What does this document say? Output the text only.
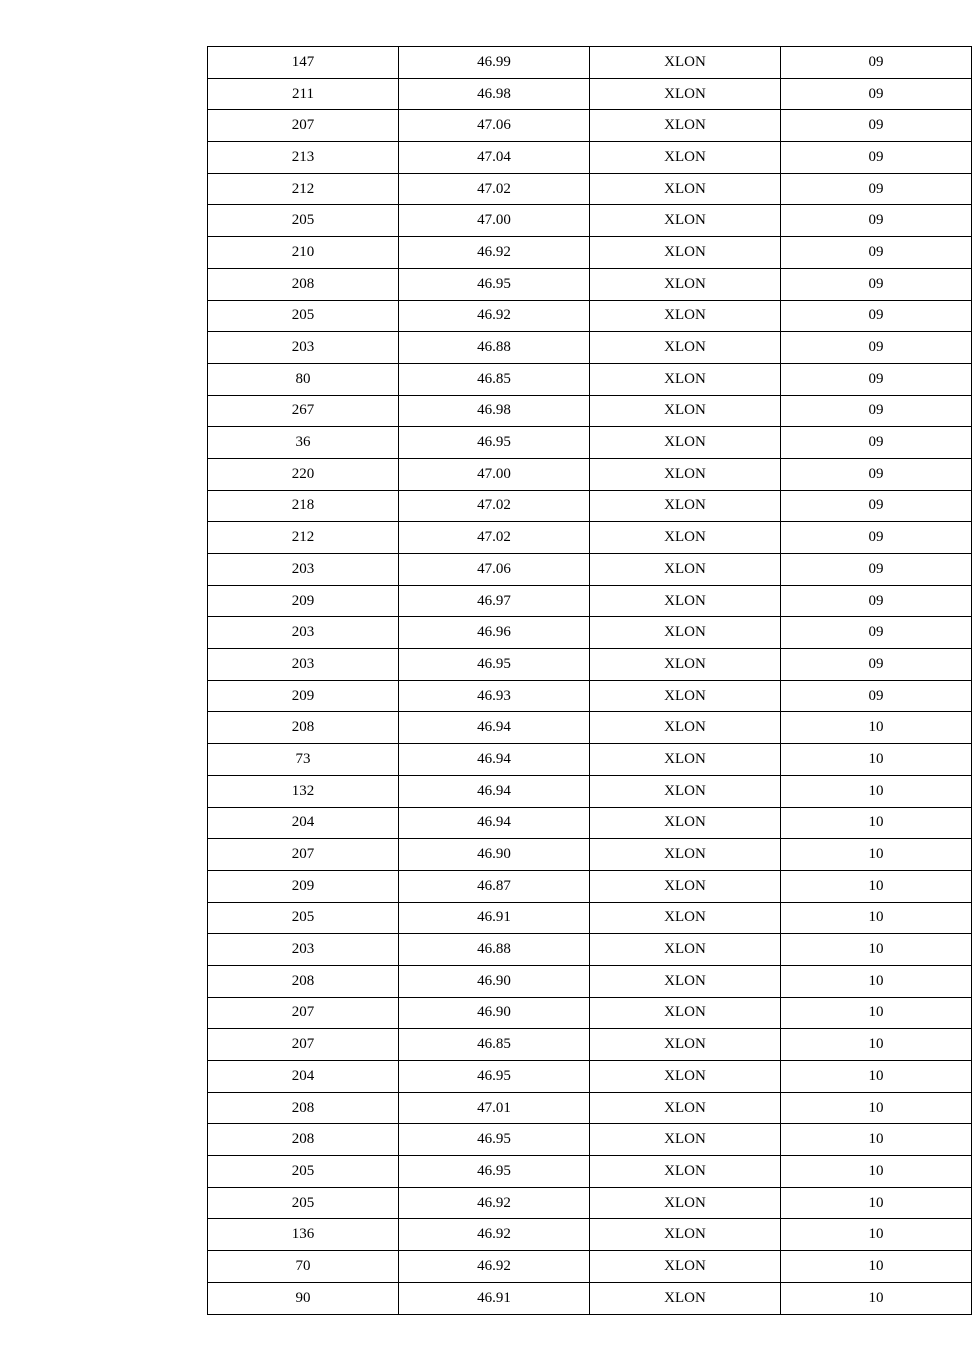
147	46.99	XLON	09
211	46.98	XLON	09
207	47.06	XLON	09
213	47.04	XLON	09
212	47.02	XLON	09
205	47.00	XLON	09
210	46.92	XLON	09
208	46.95	XLON	09
205	46.92	XLON	09
203	46.88	XLON	09
80	46.85	XLON	09
267	46.98	XLON	09
36	46.95	XLON	09
220	47.00	XLON	09
218	47.02	XLON	09
212	47.02	XLON	09
203	47.06	XLON	09
209	46.97	XLON	09
203	46.96	XLON	09
203	46.95	XLON	09
209	46.93	XLON	09
208	46.94	XLON	10
73	46.94	XLON	10
132	46.94	XLON	10
204	46.94	XLON	10
207	46.90	XLON	10
209	46.87	XLON	10
205	46.91	XLON	10
203	46.88	XLON	10
208	46.90	XLON	10
207	46.90	XLON	10
207	46.85	XLON	10
204	46.95	XLON	10
208	47.01	XLON	10
208	46.95	XLON	10
205	46.95	XLON	10
205	46.92	XLON	10
136	46.92	XLON	10
70	46.92	XLON	10
90	46.91	XLON	10
